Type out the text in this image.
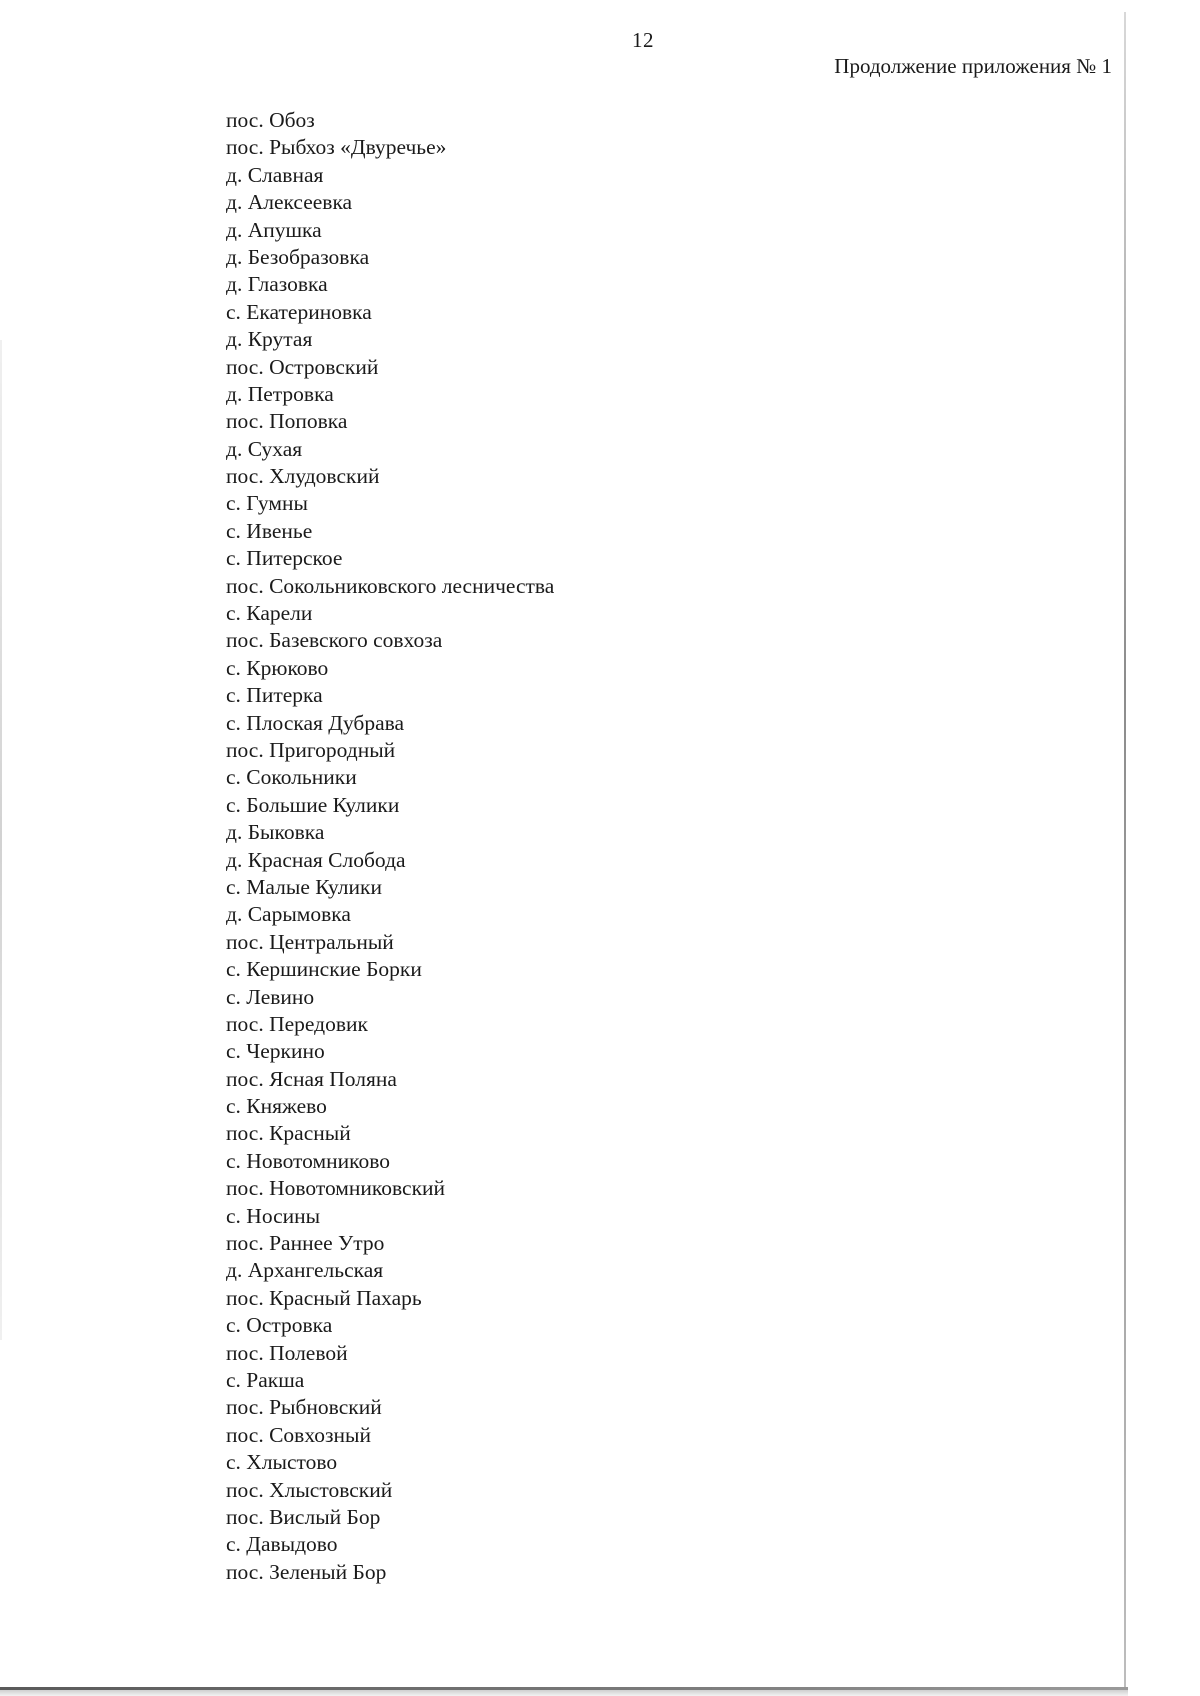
12
Продолжение приложения № 1
пос. Обоз
пос. Рыбхоз «Двуречье»
д. Славная
д. Алексеевка
д. Апушка
д. Безобразовка
д. Глазовка
с. Екатериновка
д. Крутая
пос. Островский
д. Петровка
пос. Поповка
д. Сухая
пос. Хлудовский
с. Гумны
с. Ивенье
с. Питерское
пос. Сокольниковского лесничества
с. Карели
пос. Базевского совхоза
с. Крюково
с. Питерка
с. Плоская Дубрава
пос. Пригородный
с. Сокольники
с. Большие Кулики
д. Быковка
д. Красная Слобода
с. Малые Кулики
д. Сарымовка
пос. Центральный
с. Кершинские Борки
с. Левино
пос. Передовик
с. Черкино
пос. Ясная Поляна
с. Княжево
пос. Красный
с. Новотомниково
пос. Новотомниковский
с. Носины
пос. Раннее Утро
д. Архангельская
пос. Красный Пахарь
с. Островка
пос. Полевой
с. Ракша
пос. Рыбновский
пос. Совхозный
с. Хлыстово
пос. Хлыстовский
пос. Вислый Бор
с. Давыдово
пос. Зеленый Бор
